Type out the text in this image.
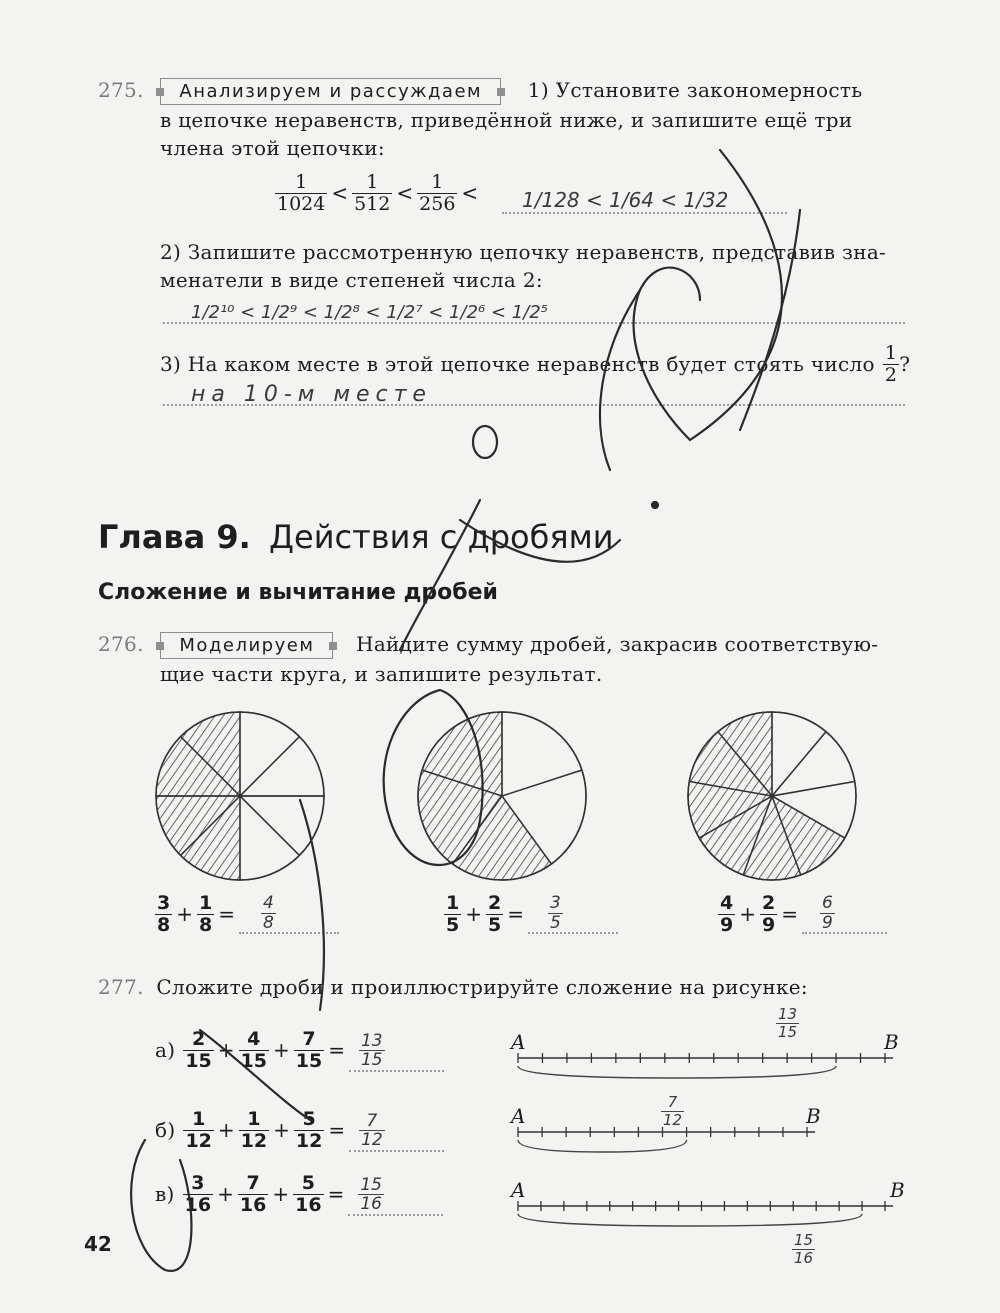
275. Анализируем и рассуждаем 1) Установите закономерность
в цепочке неравенств, приведённой ниже, и запишите ещё три
члена этой цепочки:
$\frac{1}{1024} < \frac{1}{512} < \frac{1}{256}$ <	1/128 < 1/64 < 1/32
2) Запишите рассмотренную цепочку неравенств, представив зна-
менатели в виде степеней числа 2:
1/2¹⁰ < 1/2⁹ < 1/2⁸ < 1/2⁷ < 1/2⁶ < 1/2⁵
3) На каком месте в этой цепочке неравенств будет стоять число $\frac{1}{2}$ ?
на 10-м месте
Глава 9. Действия с дробями
Сложение и вычитание дробей
276. Моделируем Найдите сумму дробей, закрасив соответствую-
щие части круга, и запишите результат.
$\frac{3}{8} + \frac{1}{8} = \frac{4}{8}$	$\frac{1}{5} + \frac{2}{5} = \frac{3}{5}$	$\frac{4}{9} + \frac{2}{9} = \frac{6}{9}$
277. Сложите дроби и проиллюстрируйте сложение на рисунке:
$а) \frac{2}{15} + \frac{4}{15} + \frac{7}{15} = \frac{13}{15}$
$б) \frac{1}{12} + \frac{1}{12} + \frac{5}{12} = \frac{7}{12}$
$в) \frac{3}{16} + \frac{7}{16} + \frac{5}{16} = \frac{15}{16}$
A	B
A	B
A	B
$\frac{13}{15}$
$\frac{7}{12}$
$\frac{15}{16}$
42
